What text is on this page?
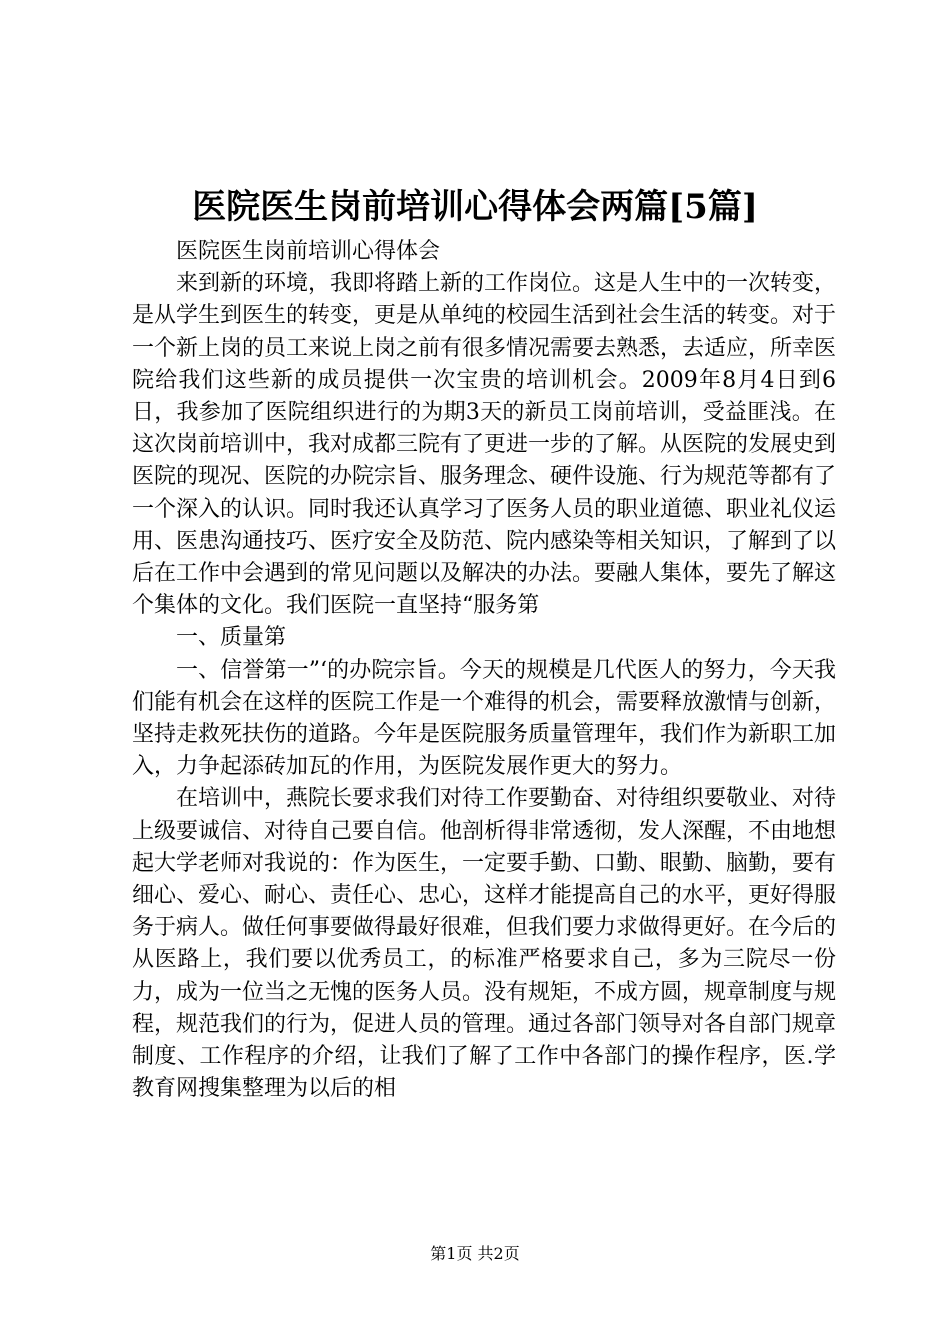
医院医生岗前培训心得体会两篇[5篇]

医院医生岗前培训心得体会

来到新的环境，我即将踏上新的工作岗位。这是人生中的一次转变，是从学生到医生的转变，更是从单纯的校园生活到社会生活的转变。对于一个新上岗的员工来说上岗之前有很多情况需要去熟悉，去适应，所幸医院给我们这些新的成员提供一次宝贵的培训机会。2009年8月4日到6日，我参加了医院组织进行的为期3天的新员工岗前培训，受益匪浅。在这次岗前培训中，我对成都三院有了更进一步的了解。从医院的发展史到医院的现况、医院的办院宗旨、服务理念、硬件设施、行为规范等都有了一个深入的认识。同时我还认真学习了医务人员的职业道德、职业礼仪运用、医患沟通技巧、医疗安全及防范、院内感染等相关知识，了解到了以后在工作中会遇到的常见问题以及解决的办法。要融人集体，要先了解这个集体的文化。我们医院一直坚持“服务第

一、质量第

一、信誉第一”‘的办院宗旨。今天的规模是几代医人的努力，今天我们能有机会在这样的医院工作是一个难得的机会，需要释放激情与创新，坚持走救死扶伤的道路。今年是医院服务质量管理年，我们作为新职工加入，力争起添砖加瓦的作用，为医院发展作更大的努力。

在培训中，燕院长要求我们对待工作要勤奋、对待组织要敬业、对待上级要诚信、对待自己要自信。他剖析得非常透彻，发人深醒，不由地想起大学老师对我说的：作为医生，一定要手勤、口勤、眼勤、脑勤，要有细心、爱心、耐心、责任心、忠心，这样才能提高自己的水平，更好得服务于病人。做任何事要做得最好很难，但我们要力求做得更好。在今后的从医路上，我们要以优秀员工，的标准严格要求自己，多为三院尽一份力，成为一位当之无愧的医务人员。没有规矩，不成方圆，规章制度与规程，规范我们的行为，促进人员的管理。通过各部门领导对各自部门规章制度、工作程序的介绍，让我们了解了工作中各部门的操作程序，医.学教育网搜集整理为以后的相

第1页 共2页
